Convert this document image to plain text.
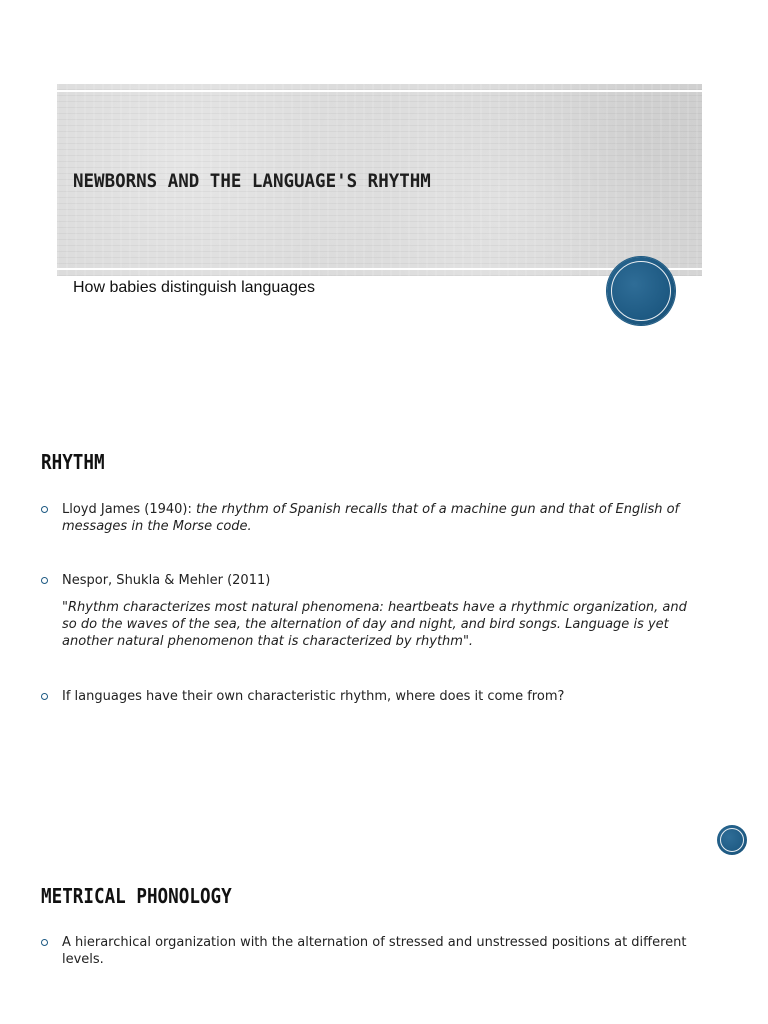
NEWBORNS AND THE LANGUAGE'S RHYTHM

How babies distinguish languages

RHYTHM
Lloyd James (1940): the rhythm of Spanish recalls that of a machine gun and that of English of messages in the Morse code.
Nespor, Shukla & Mehler (2011)
"Rhythm characterizes most natural phenomena: heartbeats have a rhythmic organization, and so do the waves of the sea, the alternation of day and night, and bird songs. Language is yet another natural phenomenon that is characterized by rhythm".
If languages have their own characteristic rhythm, where does it come from?
METRICAL PHONOLOGY
A hierarchical organization with the alternation of stressed and unstressed positions at different levels.
